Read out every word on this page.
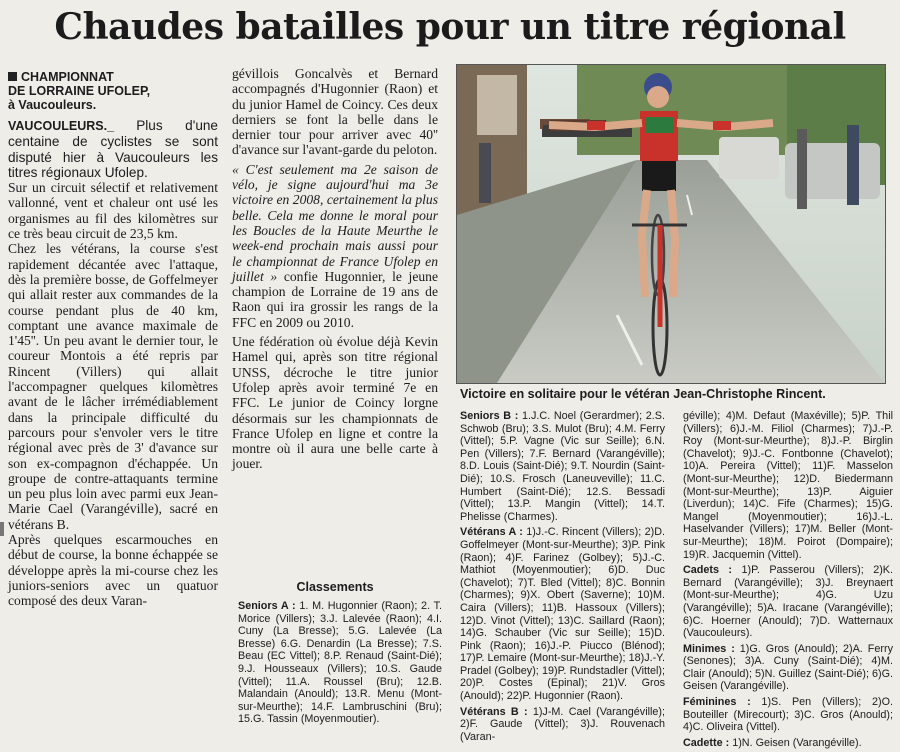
Chaudes batailles pour un titre régional
CHAMPIONNAT
DE LORRAINE UFOLEP,
à Vaucouleurs.

VAUCOULEURS._ Plus d'une centaine de cyclistes se sont disputé hier à Vaucouleurs les titres régionaux Ufolep.

Sur un circuit sélectif et relativement vallonné, vent et chaleur ont usé les organismes au fil des kilomètres sur ce très beau circuit de 23,5 km.

Chez les vétérans, la course s'est rapidement décantée avec l'attaque, dès la première bosse, de Goffelmeyer qui allait rester aux commandes de la course pendant plus de 40 km, comptant une avance maximale de 1'45''. Un peu avant le dernier tour, le coureur Montois a été repris par Rincent (Villers) qui allait l'accompagner quelques kilomètres avant de le lâcher irrémédiablement dans la principale difficulté du parcours pour s'envoler vers le titre régional avec près de 3' d'avance sur son ex-compagnon d'échappée. Un groupe de contre-attaquants termine un peu plus loin avec parmi eux Jean-Marie Cael (Varangéville), sacré en vétérans B.

Après quelques escarmouches en début de course, la bonne échappée se développe après la mi-course chez les juniors-seniors avec un quatuor composé des deux Varan-

gévillois Goncalvès et Bernard accompagnés d'Hugonnier (Raon) et du junior Hamel de Coincy. Ces deux derniers se font la belle dans le dernier tour pour arriver avec 40'' d'avance sur l'avant-garde du peloton.

« C'est seulement ma 2e saison de vélo, je signe aujourd'hui ma 3e victoire en 2008, certainement la plus belle. Cela me donne le moral pour les Boucles de la Haute Meurthe le week-end prochain mais aussi pour le championnat de France Ufolep en juillet » confie Hugonnier, le jeune champion de Lorraine de 19 ans de Raon qui ira grossir les rangs de la FFC en 2009 ou 2010.

Une fédération où évolue déjà Kevin Hamel qui, après son titre régional UNSS, décroche le titre junior Ufolep après avoir terminé 7e en FFC. Le junior de Coincy lorgne désormais sur les championnats de France Ufolep en ligne et contre la montre où il aura une belle carte à jouer.

Classements

Seniors A : 1. M. Hugonnier (Raon); 2. T. Morice (Villers); 3.J. Lalevée (Raon); 4.I. Cuny (La Bresse); 5.G. Lalevée (La Bresse) 6.G. Denardin (La Bresse); 7.S. Beau (EC Vittel); 8.P. Renaud (Saint-Dié); 9.J. Housseaux (Villers); 10.S. Gaude (Vittel); 11.A. Roussel (Bru); 12.B. Malandain (Anould); 13.R. Menu (Mont-sur-Meurthe); 14.F. Lambruschini (Bru); 15.G. Tassin (Moyenmoutier).

Victoire en solitaire pour le vétéran Jean-Christophe Rincent.

Seniors B : 1.J.C. Noel (Gerardmer); 2.S. Schwob (Bru); 3.S. Mulot (Bru); 4.M. Ferry (Vittel); 5.P. Vagne (Vic sur Seille); 6.N. Pen (Villers); 7.F. Bernard (Varangéville); 8.D. Louis (Saint-Dié); 9.T. Nourdin (Saint-Dié); 10.S. Frosch (Laneuveville); 11.C. Humbert (Saint-Dié); 12.S. Bessadi (Vittel); 13.P. Mangin (Vittel); 14.T. Phelisse (Charmes).

Vétérans A : 1)J.-C. Rincent (Villers); 2)D. Goffelmeyer (Mont-sur-Meurthe); 3)P. Pink (Raon); 4)F. Farinez (Golbey); 5)J.-C. Mathiot (Moyenmoutier); 6)D. Duc (Chavelot); 7)T. Bled (Vittel); 8)C. Bonnin (Charmes); 9)X. Obert (Saverne); 10)M. Caira (Villers); 11)B. Hassoux (Villers); 12)D. Vinot (Vittel); 13)C. Saillard (Raon); 14)G. Schauber (Vic sur Seille); 15)D. Pink (Raon); 16)J.-P. Piucco (Blénod); 17)P. Lemaire (Mont-sur-Meurthe); 18)J.-Y. Pradel (Golbey); 19)P. Rundstadler (Vittel); 20)P. Costes (Epinal); 21)V. Gros (Anould); 22)P. Hugonnier (Raon).

Vétérans B : 1)J-M. Cael (Varangéville); 2)F. Gaude (Vittel); 3)J. Rouvenach (Varan-

géville); 4)M. Defaut (Maxéville); 5)P. Thil (Villers); 6)J.-M. Filiol (Charmes); 7)J.-P. Roy (Mont-sur-Meurthe); 8)J.-P. Birglin (Chavelot); 9)J.-C. Fontbonne (Chavelot); 10)A. Pereira (Vittel); 11)F. Masselon (Mont-sur-Meurthe); 12)D. Biedermann (Mont-sur-Meurthe); 13)P. Aiguier (Liverdun); 14)C. Fife (Charmes); 15)G. Mangel (Moyenmoutier); 16)J.-L. Haselvander (Villers); 17)M. Beller (Mont-sur-Meurthe); 18)M. Poirot (Dompaire); 19)R. Jacquemin (Vittel).

Cadets : 1)P. Passerou (Villers); 2)K. Bernard (Varangéville); 3)J. Breynaert (Mont-sur-Meurthe); 4)G. Uzu (Varangéville); 5)A. Iracane (Varangéville); 6)C. Hoerner (Anould); 7)D. Watternaux (Vaucouleurs).

Minimes : 1)G. Gros (Anould); 2)A. Ferry (Senones); 3)A. Cuny (Saint-Dié); 4)M. Clair (Anould); 5)N. Guillez (Saint-Dié); 6)G. Geisen (Varangéville).

Féminines : 1)S. Pen (Villers); 2)O. Bouteiller (Mirecourt); 3)C. Gros (Anould); 4)C. Oliveira (Vittel).

Cadette : 1)N. Geisen (Varangéville).
